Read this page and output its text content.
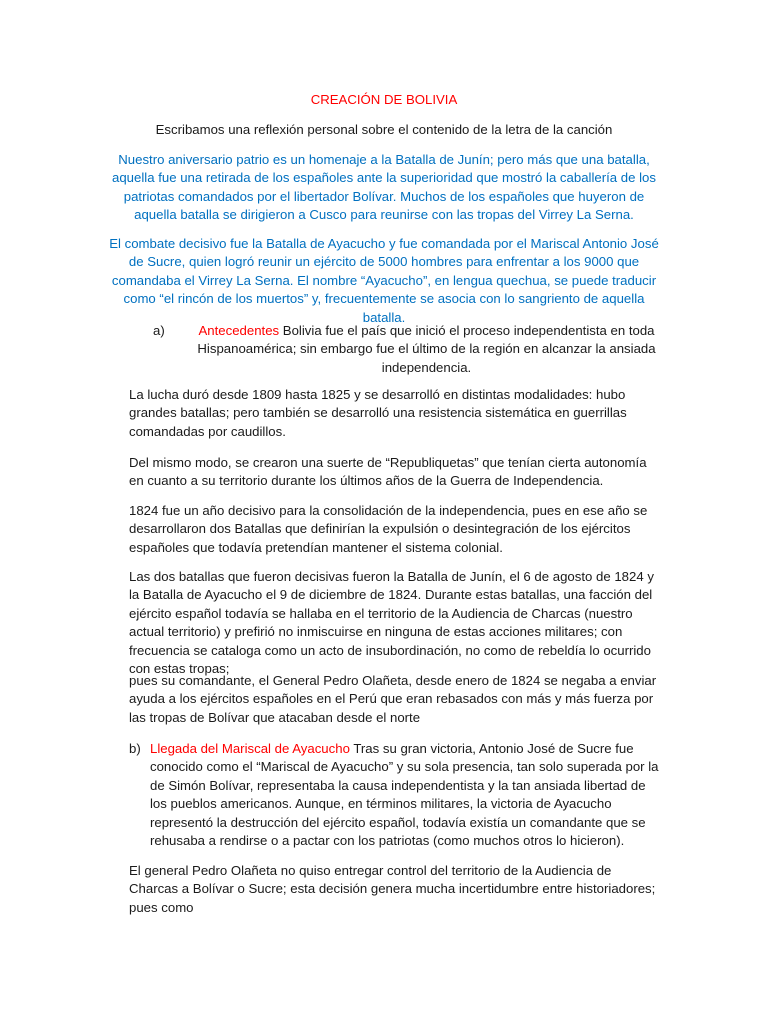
CREACIÓN DE BOLIVIA
Escribamos una reflexión personal sobre el contenido de la letra de la canción
Nuestro aniversario patrio es un homenaje a la Batalla de Junín; pero más que una batalla, aquella fue una retirada de los españoles ante la superioridad que mostró la caballería de los patriotas comandados por el libertador Bolívar. Muchos de los españoles que huyeron de aquella batalla se dirigieron a Cusco para reunirse con las tropas del Virrey La Serna.
El combate decisivo fue la Batalla de Ayacucho y fue comandada por el Mariscal Antonio José de Sucre, quien logró reunir un ejército de 5000 hombres para enfrentar a los 9000 que comandaba el Virrey La Serna. El nombre “Ayacucho”, en lengua quechua, se puede traducir como “el rincón de los muertos” y, frecuentemente se asocia con lo sangriento de aquella batalla.
a)	Antecedentes Bolivia fue el país que inició el proceso independentista en toda Hispanoamérica; sin embargo fue el último de la región en alcanzar la ansiada independencia.
La lucha duró desde 1809 hasta 1825 y se desarrolló en distintas modalidades: hubo grandes batallas; pero también se desarrolló una resistencia sistemática en guerrillas comandadas por caudillos.
Del mismo modo, se crearon una suerte de “Republiquetas” que tenían cierta autonomía en cuanto a su territorio durante los últimos años de la Guerra de Independencia.
1824 fue un año decisivo para la consolidación de la independencia, pues en ese año se desarrollaron dos Batallas que definirían la expulsión o desintegración de los ejércitos españoles que todavía pretendían mantener el sistema colonial.
Las dos batallas que fueron decisivas fueron la Batalla de Junín, el 6 de agosto de 1824 y la Batalla de Ayacucho el 9 de diciembre de 1824. Durante estas batallas, una facción del ejército español todavía se hallaba en el territorio de la Audiencia de Charcas (nuestro actual territorio) y prefirió no inmiscuirse en ninguna de estas acciones militares; con frecuencia se cataloga como un acto de insubordinación, no como de rebeldía lo ocurrido con estas tropas;
pues su comandante, el General Pedro Olañeta, desde enero de 1824 se negaba a enviar ayuda a los ejércitos españoles en el Perú que eran rebasados con más y más fuerza por las tropas de Bolívar que atacaban desde el norte
b) Llegada del Mariscal de Ayacucho Tras su gran victoria, Antonio José de Sucre fue conocido como el “Mariscal de Ayacucho” y su sola presencia, tan solo superada por la de Simón Bolívar, representaba la causa independentista y la tan ansiada libertad de los pueblos americanos. Aunque, en términos militares, la victoria de Ayacucho representó la destrucción del ejército español, todavía existía un comandante que se rehusaba a rendirse o a pactar con los patriotas (como muchos otros lo hicieron).
El general Pedro Olañeta no quiso entregar control del territorio de la Audiencia de Charcas a Bolívar o Sucre; esta decisión genera mucha incertidumbre entre historiadores; pues como
